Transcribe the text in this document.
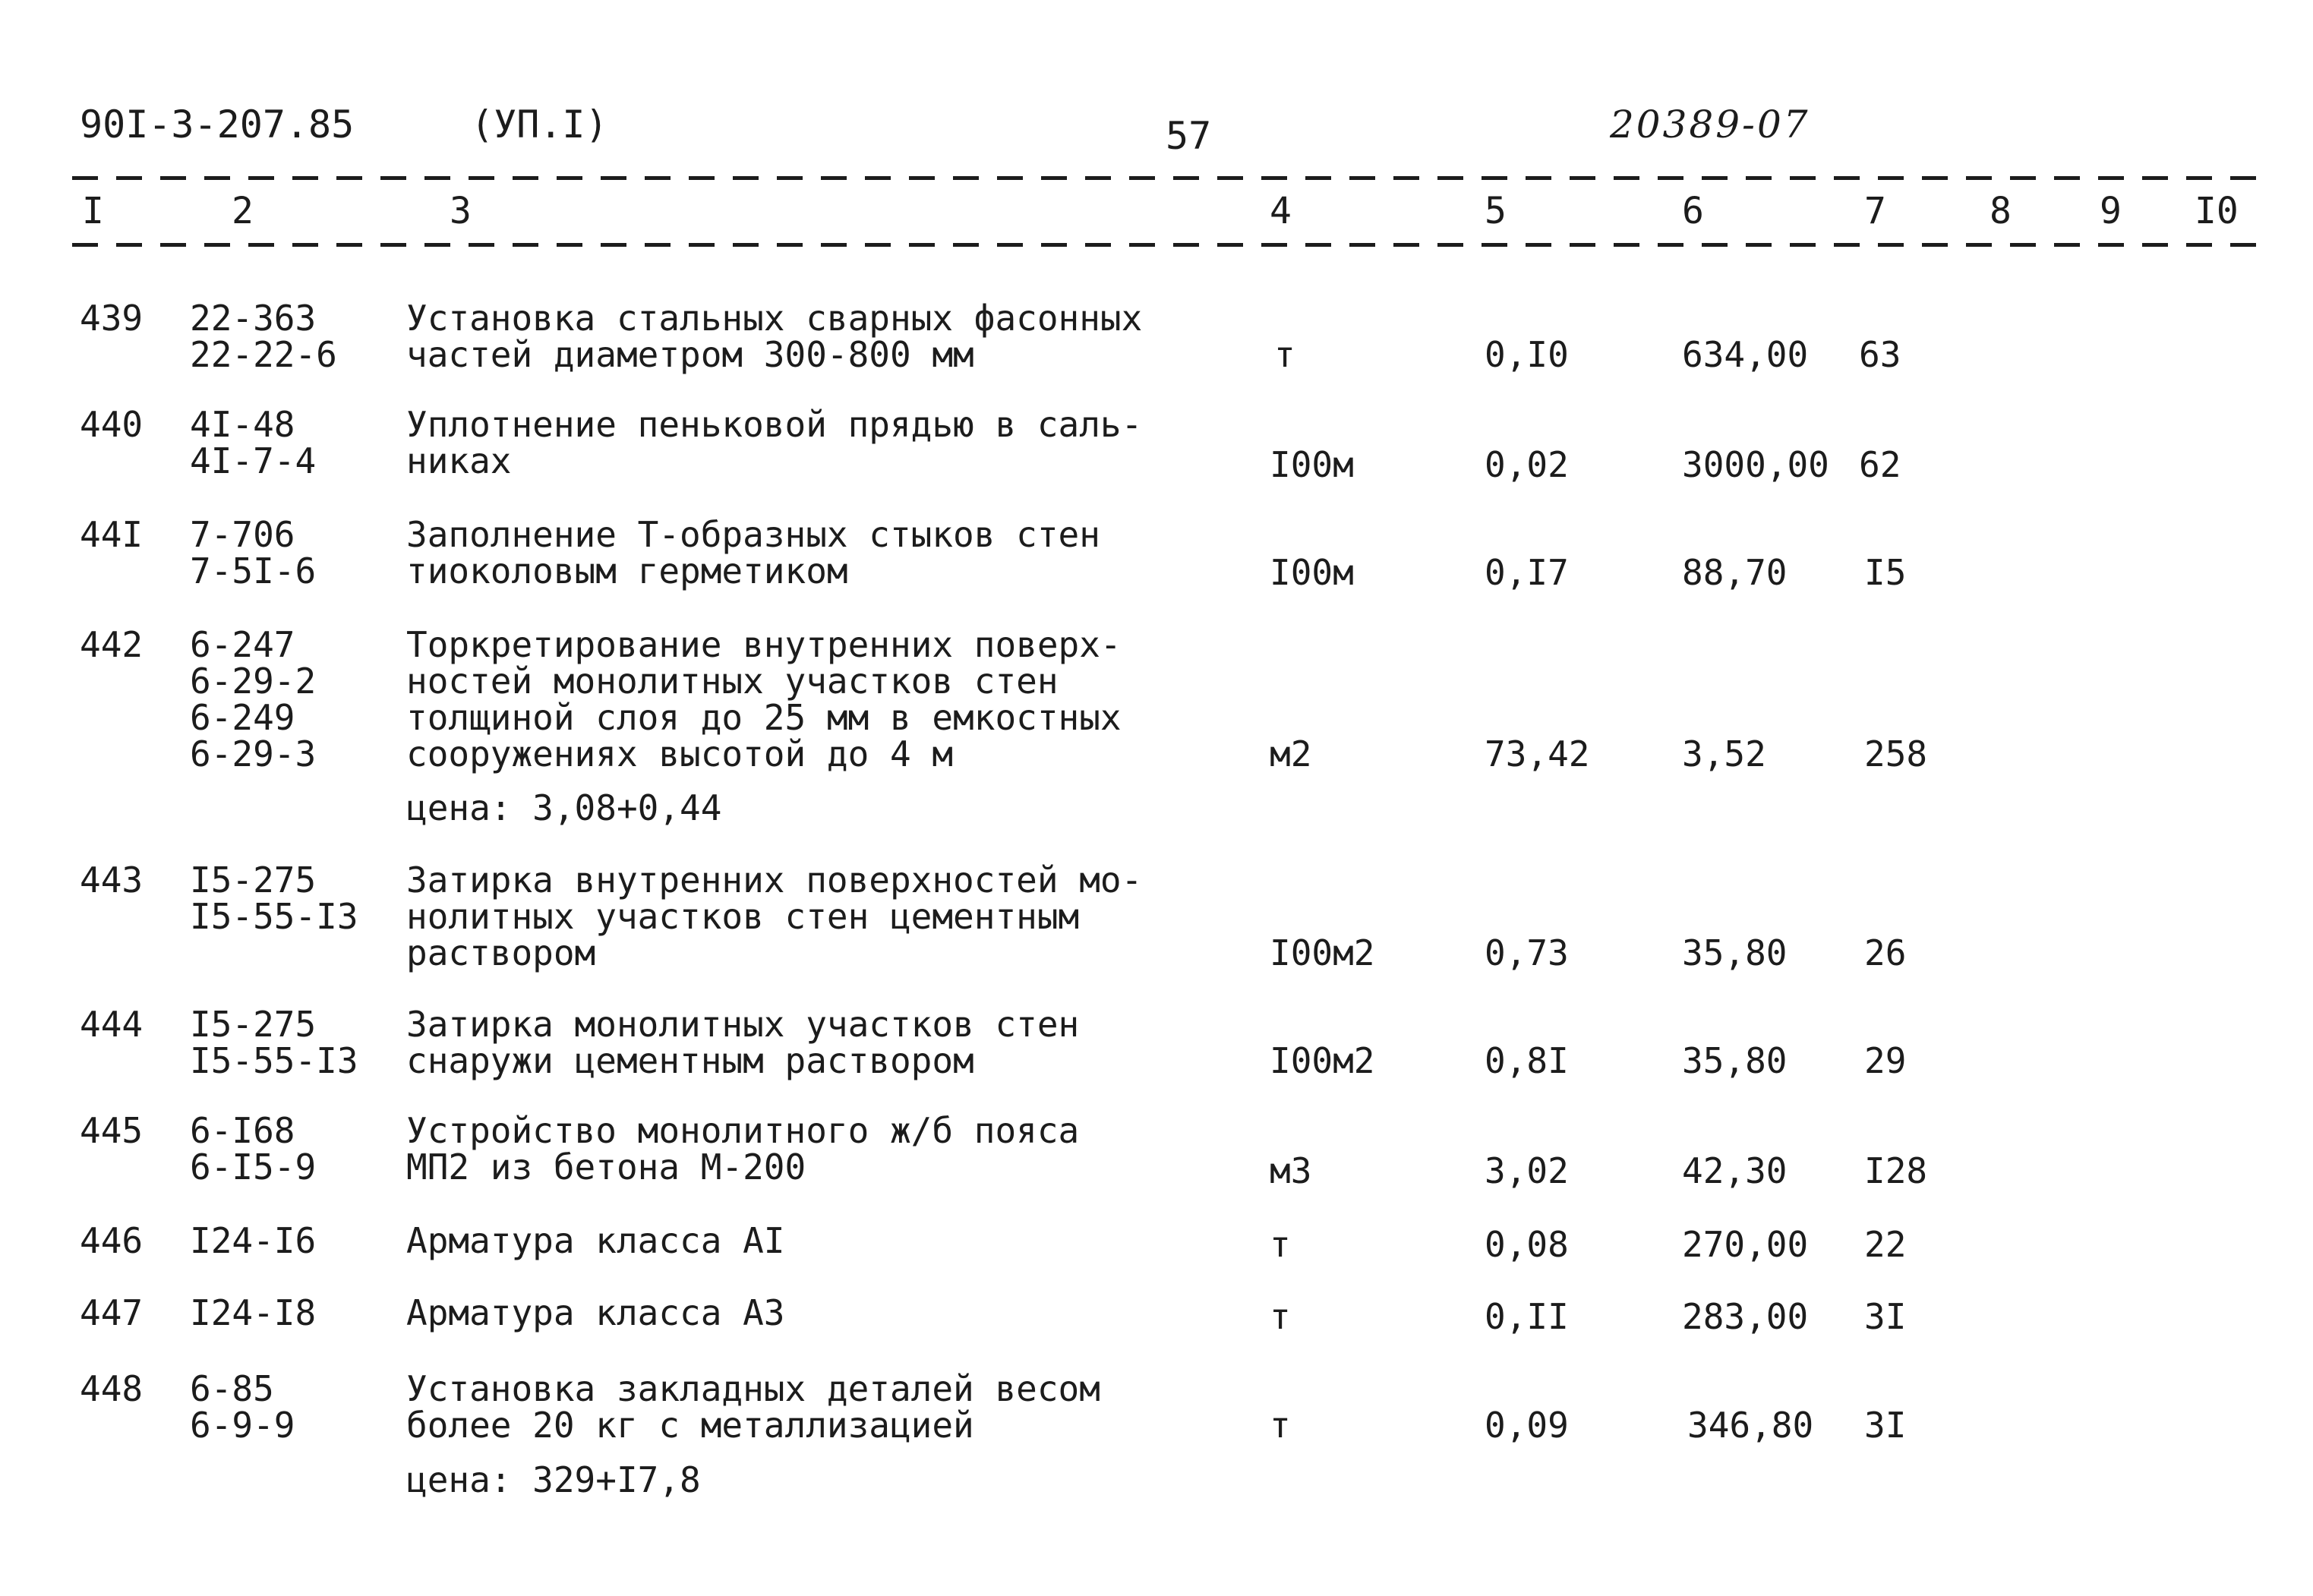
90I-3-207.85	(УП.I)	57	20389-07
I	2	3	4	5	6	7	8 9 I0
439 22-363
22-22-6
Установка стальных сварных фасонных
частей диаметром 300-800 мм	т	0,I0	634,00 63
440 4I-48
4I-7-4
Уплотнение пеньковой прядью в саль-
никах	I00м	0,02	3000,00 62
44I 7-706
7-5I-6
Заполнение Т-образных стыков стен
тиоколовым герметиком	I00м	0,I7	88,70 I5
442 6-247
6-29-2
6-249
6-29-3
Торкретирование внутренних поверх-
ностей монолитных участков стен
толщиной слоя до 25 мм в емкостных
сооружениях высотой до 4 м	м2	73,42	3,52	258
цена: 3,08+0,44
443 I5-275
I5-55-I3
Затирка внутренних поверхностей мо-
нолитных участков стен цементным
раствором	I00м2	0,73	35,80 26
444 I5-275
I5-55-I3
Затирка монолитных участков стен
снаружи цементным раствором	I00м2	0,8I	35,80 29
445 6-I68
6-I5-9
Устройство монолитного ж/б пояса
МП2 из бетона М-200	м3	3,02	42,30 I28
446 I24-I6	Арматура класса АI	т	0,08	270,00 22
447 I24-I8	Арматура класса А3	т	0,II	283,00 3I
448 6-85
6-9-9
Установка закладных деталей весом
более 20 кг с металлизацией	т	0,09	346,80 3I
цена: 329+I7,8
